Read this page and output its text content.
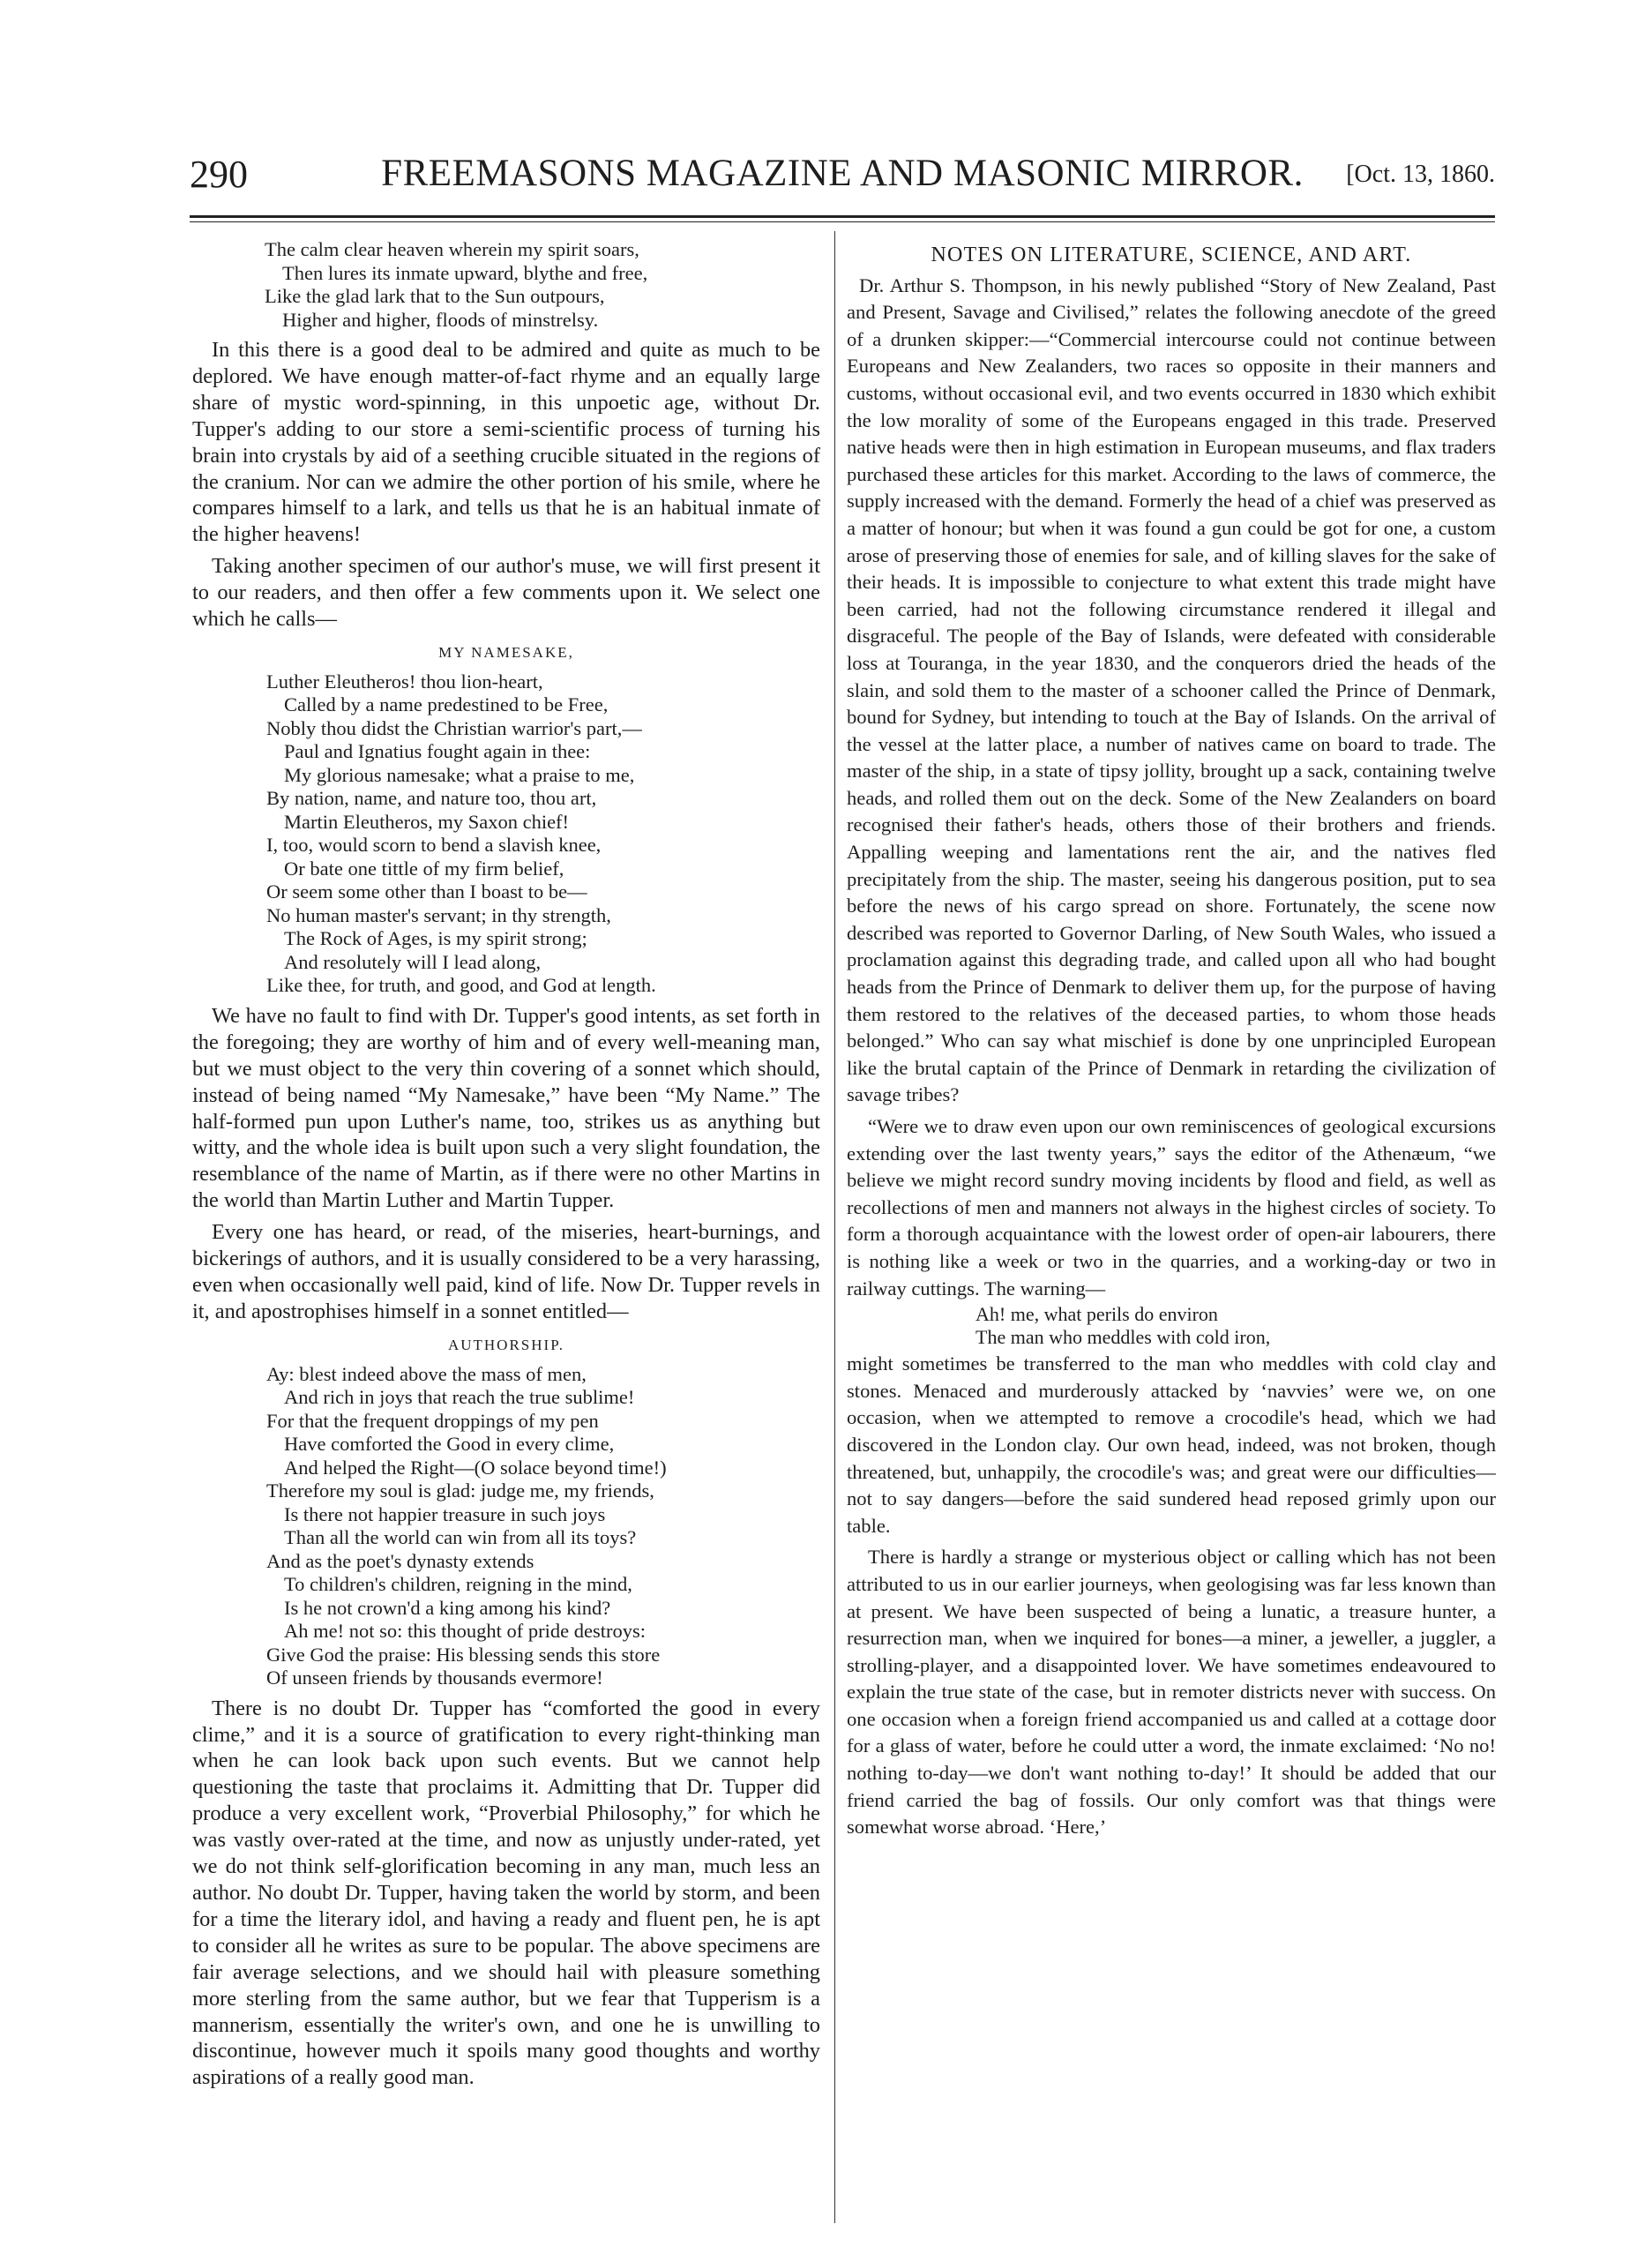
290	FREEMASONS MAGAZINE AND MASONIC MIRROR.	[Oct. 13, 1860.
The calm clear heaven wherein my spirit soars,
Then lures its inmate upward, blythe and free,
Like the glad lark that to the Sun outpours,
Higher and higher, floods of minstrelsy.

In this there is a good deal to be admired and quite as much to be deplored. We have enough matter-of-fact rhyme and an equally large share of mystic word-spinning, in this unpoetic age, without Dr. Tupper's adding to our store a semi-scientific process of turning his brain into crystals by aid of a seething crucible situated in the regions of the cranium. Nor can we admire the other portion of his smile, where he compares himself to a lark, and tells us that he is an habitual inmate of the higher heavens!

Taking another specimen of our author's muse, we will first present it to our readers, and then offer a few comments upon it. We select one which he calls—

MY NAMESAKE,
Luther Eleutheros! thou lion-heart,
Called by a name predestined to be Free,
Nobly thou didst the Christian warrior's part,—
Paul and Ignatius fought again in thee:
My glorious namesake; what a praise to me,
By nation, name, and nature too, thou art,
Martin Eleutheros, my Saxon chief!
I, too, would scorn to bend a slavish knee,
Or bate one tittle of my firm belief,
Or seem some other than I boast to be—
No human master's servant; in thy strength,
The Rock of Ages, is my spirit strong;
And resolutely will I lead along,
Like thee, for truth, and good, and God at length.

We have no fault to find with Dr. Tupper's good intents, as set forth in the foregoing; they are worthy of him and of every well-meaning man, but we must object to the very thin covering of a sonnet which should, instead of being named “My Namesake,” have been “My Name.” The half-formed pun upon Luther's name, too, strikes us as anything but witty, and the whole idea is built upon such a very slight foundation, the resemblance of the name of Martin, as if there were no other Martins in the world than Martin Luther and Martin Tupper.

Every one has heard, or read, of the miseries, heart-burnings, and bickerings of authors, and it is usually considered to be a very harassing, even when occasionally well paid, kind of life. Now Dr. Tupper revels in it, and apostrophises himself in a sonnet entitled—

AUTHORSHIP.
Ay: blest indeed above the mass of men,
And rich in joys that reach the true sublime!
For that the frequent droppings of my pen
Have comforted the Good in every clime,
And helped the Right—(O solace beyond time!)
Therefore my soul is glad: judge me, my friends,
Is there not happier treasure in such joys
Than all the world can win from all its toys?
And as the poet's dynasty extends
To children's children, reigning in the mind,
Is he not crown'd a king among his kind?
Ah me! not so: this thought of pride destroys:
Give God the praise: His blessing sends this store
Of unseen friends by thousands evermore!

There is no doubt Dr. Tupper has “comforted the good in every clime,” and it is a source of gratification to every right-thinking man when he can look back upon such events. But we cannot help questioning the taste that proclaims it. Admitting that Dr. Tupper did produce a very excellent work, “Proverbial Philosophy,” for which he was vastly over-rated at the time, and now as unjustly under-rated, yet we do not think self-glorification becoming in any man, much less an author. No doubt Dr. Tupper, having taken the world by storm, and been for a time the literary idol, and having a ready and fluent pen, he is apt to consider all he writes as sure to be popular. The above specimens are fair average selections, and we should hail with pleasure something more sterling from the same author, but we fear that Tupperism is a mannerism, essentially the writer's own, and one he is unwilling to discontinue, however much it spoils many good thoughts and worthy aspirations of a really good man.

NOTES ON LITERATURE, SCIENCE, AND ART.

Dr. Arthur S. Thompson, in his newly published “Story of New Zealand, Past and Present, Savage and Civilised,” relates the following anecdote of the greed of a drunken skipper:—“Commercial intercourse could not continue between Europeans and New Zealanders, two races so opposite in their manners and customs, without occasional evil, and two events occurred in 1830 which exhibit the low morality of some of the Europeans engaged in this trade. Preserved native heads were then in high estimation in European museums, and flax traders purchased these articles for this market. According to the laws of commerce, the supply increased with the demand. Formerly the head of a chief was preserved as a matter of honour; but when it was found a gun could be got for one, a custom arose of preserving those of enemies for sale, and of killing slaves for the sake of their heads. It is impossible to conjecture to what extent this trade might have been carried, had not the following circumstance rendered it illegal and disgraceful. The people of the Bay of Islands, were defeated with considerable loss at Touranga, in the year 1830, and the conquerors dried the heads of the slain, and sold them to the master of a schooner called the Prince of Denmark, bound for Sydney, but intending to touch at the Bay of Islands. On the arrival of the vessel at the latter place, a number of natives came on board to trade. The master of the ship, in a state of tipsy jollity, brought up a sack, containing twelve heads, and rolled them out on the deck. Some of the New Zealanders on board recognised their father's heads, others those of their brothers and friends. Appalling weeping and lamentations rent the air, and the natives fled precipitately from the ship. The master, seeing his dangerous position, put to sea before the news of his cargo spread on shore. Fortunately, the scene now described was reported to Governor Darling, of New South Wales, who issued a proclamation against this degrading trade, and called upon all who had bought heads from the Prince of Denmark to deliver them up, for the purpose of having them restored to the relatives of the deceased parties, to whom those heads belonged.” Who can say what mischief is done by one unprincipled European like the brutal captain of the Prince of Denmark in retarding the civilization of savage tribes?

“Were we to draw even upon our own reminiscences of geological excursions extending over the last twenty years,” says the editor of the Athenæum, “we believe we might record sundry moving incidents by flood and field, as well as recollections of men and manners not always in the highest circles of society. To form a thorough acquaintance with the lowest order of open-air labourers, there is nothing like a week or two in the quarries, and a working-day or two in railway cuttings. The warning—

Ah! me, what perils do environ
The man who meddles with cold iron,

might sometimes be transferred to the man who meddles with cold clay and stones. Menaced and murderously attacked by ‘navvies’ were we, on one occasion, when we attempted to remove a crocodile's head, which we had discovered in the London clay. Our own head, indeed, was not broken, though threatened, but, unhappily, the crocodile's was; and great were our difficulties—not to say dangers—before the said sundered head reposed grimly upon our table.

There is hardly a strange or mysterious object or calling which has not been attributed to us in our earlier journeys, when geologising was far less known than at present. We have been suspected of being a lunatic, a treasure hunter, a resurrection man, when we inquired for bones—a miner, a jeweller, a juggler, a strolling-player, and a disappointed lover. We have sometimes endeavoured to explain the true state of the case, but in remoter districts never with success. On one occasion when a foreign friend accompanied us and called at a cottage door for a glass of water, before he could utter a word, the inmate exclaimed: ‘No no! nothing to-day—we don't want nothing to-day!’ It should be added that our friend carried the bag of fossils. Our only comfort was that things were somewhat worse abroad. ‘Here,’
